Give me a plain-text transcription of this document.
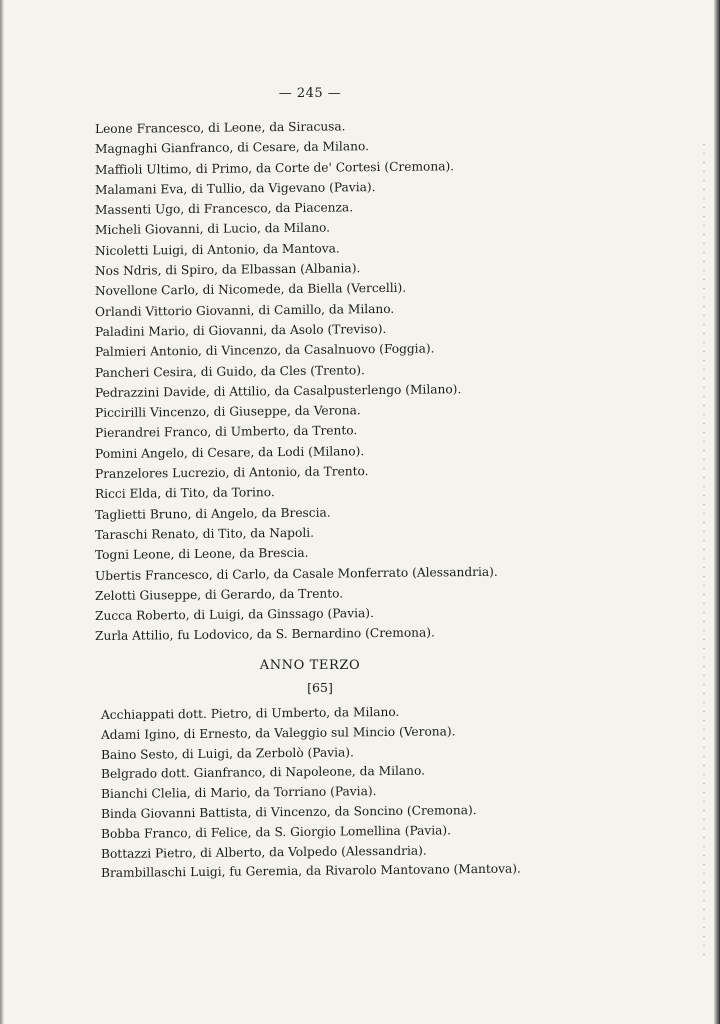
— 245 —
Leone Francesco, di Leone, da Siracusa.
Magnaghi Gianfranco, di Cesare, da Milano.
Maffioli Ultimo, di Primo, da Corte de' Cortesi (Cremona).
Malamani Eva, di Tullio, da Vigevano (Pavia).
Massenti Ugo, di Francesco, da Piacenza.
Micheli Giovanni, di Lucio, da Milano.
Nicoletti Luigi, di Antonio, da Mantova.
Nos Ndris, di Spiro, da Elbassan (Albania).
Novellone Carlo, di Nicomede, da Biella (Vercelli).
Orlandi Vittorio Giovanni, di Camillo, da Milano.
Paladini Mario, di Giovanni, da Asolo (Treviso).
Palmieri Antonio, di Vincenzo, da Casalnuovo (Foggia).
Pancheri Cesira, di Guido, da Cles (Trento).
Pedrazzini Davide, di Attilio, da Casalpusterlengo (Milano).
Piccirilli Vincenzo, di Giuseppe, da Verona.
Pierandrei Franco, di Umberto, da Trento.
Pomini Angelo, di Cesare, da Lodi (Milano).
Pranzelores Lucrezio, di Antonio, da Trento.
Ricci Elda, di Tito, da Torino.
Taglietti Bruno, di Angelo, da Brescia.
Taraschi Renato, di Tito, da Napoli.
Togni Leone, di Leone, da Brescia.
Ubertis Francesco, di Carlo, da Casale Monferrato (Alessandria).
Zelotti Giuseppe, di Gerardo, da Trento.
Zucca Roberto, di Luigi, da Ginssago (Pavia).
Zurla Attilio, fu Lodovico, da S. Bernardino (Cremona).
ANNO TERZO
[65]
Acchiappati dott. Pietro, di Umberto, da Milano.
Adami Igino, di Ernesto, da Valeggio sul Mincio (Verona).
Baino Sesto, di Luigi, da Zerbolò (Pavia).
Belgrado dott. Gianfranco, di Napoleone, da Milano.
Bianchi Clelia, di Mario, da Torriano (Pavia).
Binda Giovanni Battista, di Vincenzo, da Soncino (Cremona).
Bobba Franco, di Felice, da S. Giorgio Lomellina (Pavia).
Bottazzi Pietro, di Alberto, da Volpedo (Alessandria).
Brambillaschi Luigi, fu Geremia, da Rivarolo Mantovano (Mantova).
